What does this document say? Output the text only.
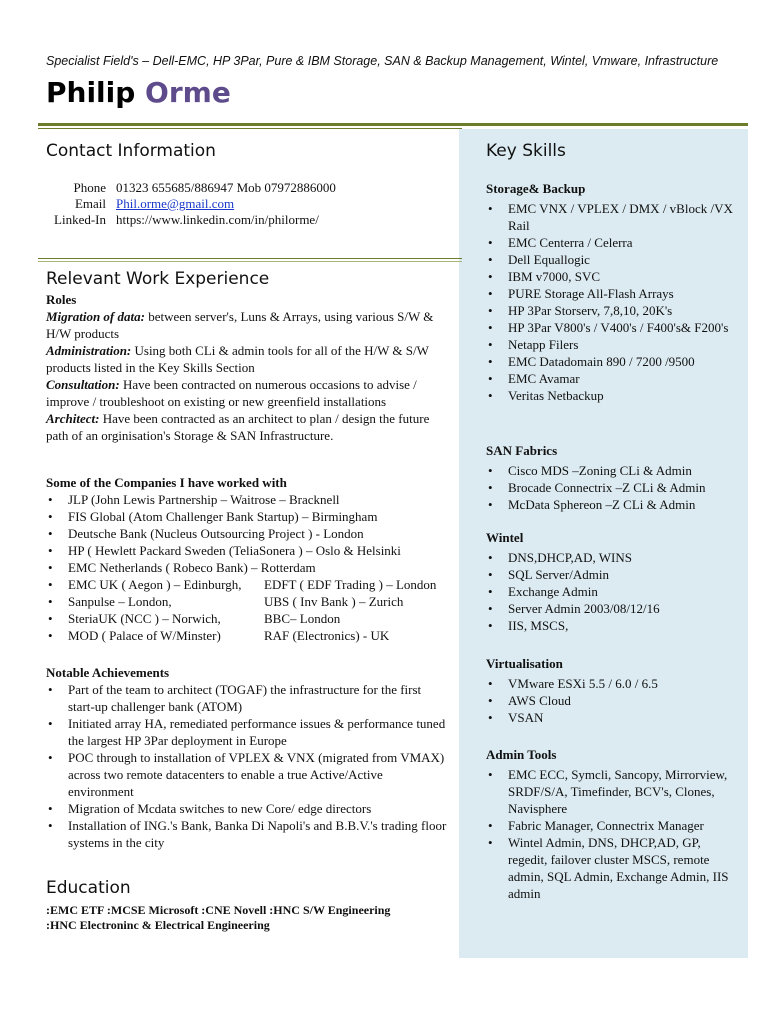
Specialist Field's – Dell-EMC, HP 3Par, Pure & IBM Storage, SAN & Backup Management, Wintel, Vmware, Infrastructure
Philip Orme
Contact Information
Phone 01323 655685/886947 Mob 07972886000
Email Phil.orme@gmail.com
Linked-In https://www.linkedin.com/in/philorme/
Relevant Work Experience

Roles

Migration of data: between server's, Luns & Arrays, using various S/W & H/W products

Administration: Using both CLi & admin tools for all of the H/W & S/W products listed in the Key Skills Section

Consultation: Have been contracted on numerous occasions to advise / improve / troubleshoot on existing or new greenfield installations

Architect: Have been contracted as an architect to plan / design the future path of an orginisation's Storage & SAN Infrastructure.

Some of the Companies I have worked with

• JLP (John Lewis Partnership – Waitrose – Bracknell
• FIS Global (Atom Challenger Bank Startup) – Birmingham
• Deutsche Bank (Nucleus Outsourcing Project ) - London
• HP ( Hewlett Packard Sweden (TeliaSonera ) – Oslo & Helsinki
• EMC Netherlands ( Robeco Bank) – Rotterdam
• EMC UK ( Aegon ) – Edinburgh,	EDFT ( EDF Trading ) – London
• Sanpulse – London,	UBS ( Inv Bank ) – Zurich
• SteriaUK (NCC ) – Norwich,	BBC– London
• MOD ( Palace of W/Minster)	RAF (Electronics) - UK

Notable Achievements

• Part of the team to architect (TOGAF) the infrastructure for the first start-up challenger bank (ATOM)
• Initiated array HA, remediated performance issues & performance tuned the largest HP 3Par deployment in Europe
• POC through to installation of VPLEX & VNX (migrated from VMAX) across two remote datacenters to enable a true Active/Active environment
• Migration of Mcdata switches to new Core/ edge directors
• Installation of ING.'s Bank, Banka Di Napoli's and B.B.V.'s trading floor systems in the city
Education
:EMC ETF :MCSE Microsoft :CNE Novell :HNC S/W Engineering
:HNC Electroninc & Electrical Engineering
Key Skills
Storage& Backup
• EMC VNX / VPLEX / DMX / vBlock /VX Rail
• EMC Centerra / Celerra
• Dell Equallogic
• IBM v7000, SVC
• PURE Storage All-Flash Arrays
• HP 3Par Storserv, 7,8,10, 20K's
• HP 3Par V800's / V400's / F400's& F200's
• Netapp Filers
• EMC Datadomain 890 / 7200 /9500
• EMC Avamar
• Veritas Netbackup
SAN Fabrics
• Cisco MDS –Zoning CLi & Admin
• Brocade Connectrix –Z CLi & Admin
• McData Sphereon –Z CLi & Admin
Wintel
• DNS,DHCP,AD, WINS
• SQL Server/Admin
• Exchange Admin
• Server Admin 2003/08/12/16
• IIS, MSCS,
Virtualisation
• VMware ESXi 5.5 / 6.0 / 6.5
• AWS Cloud
• VSAN
Admin Tools
• EMC ECC, Symcli, Sancopy, Mirrorview, SRDF/S/A, Timefinder, BCV's, Clones, Navisphere
• Fabric Manager, Connectrix Manager
• Wintel Admin, DNS, DHCP,AD, GP, regedit, failover cluster MSCS, remote admin, SQL Admin, Exchange Admin, IIS admin
